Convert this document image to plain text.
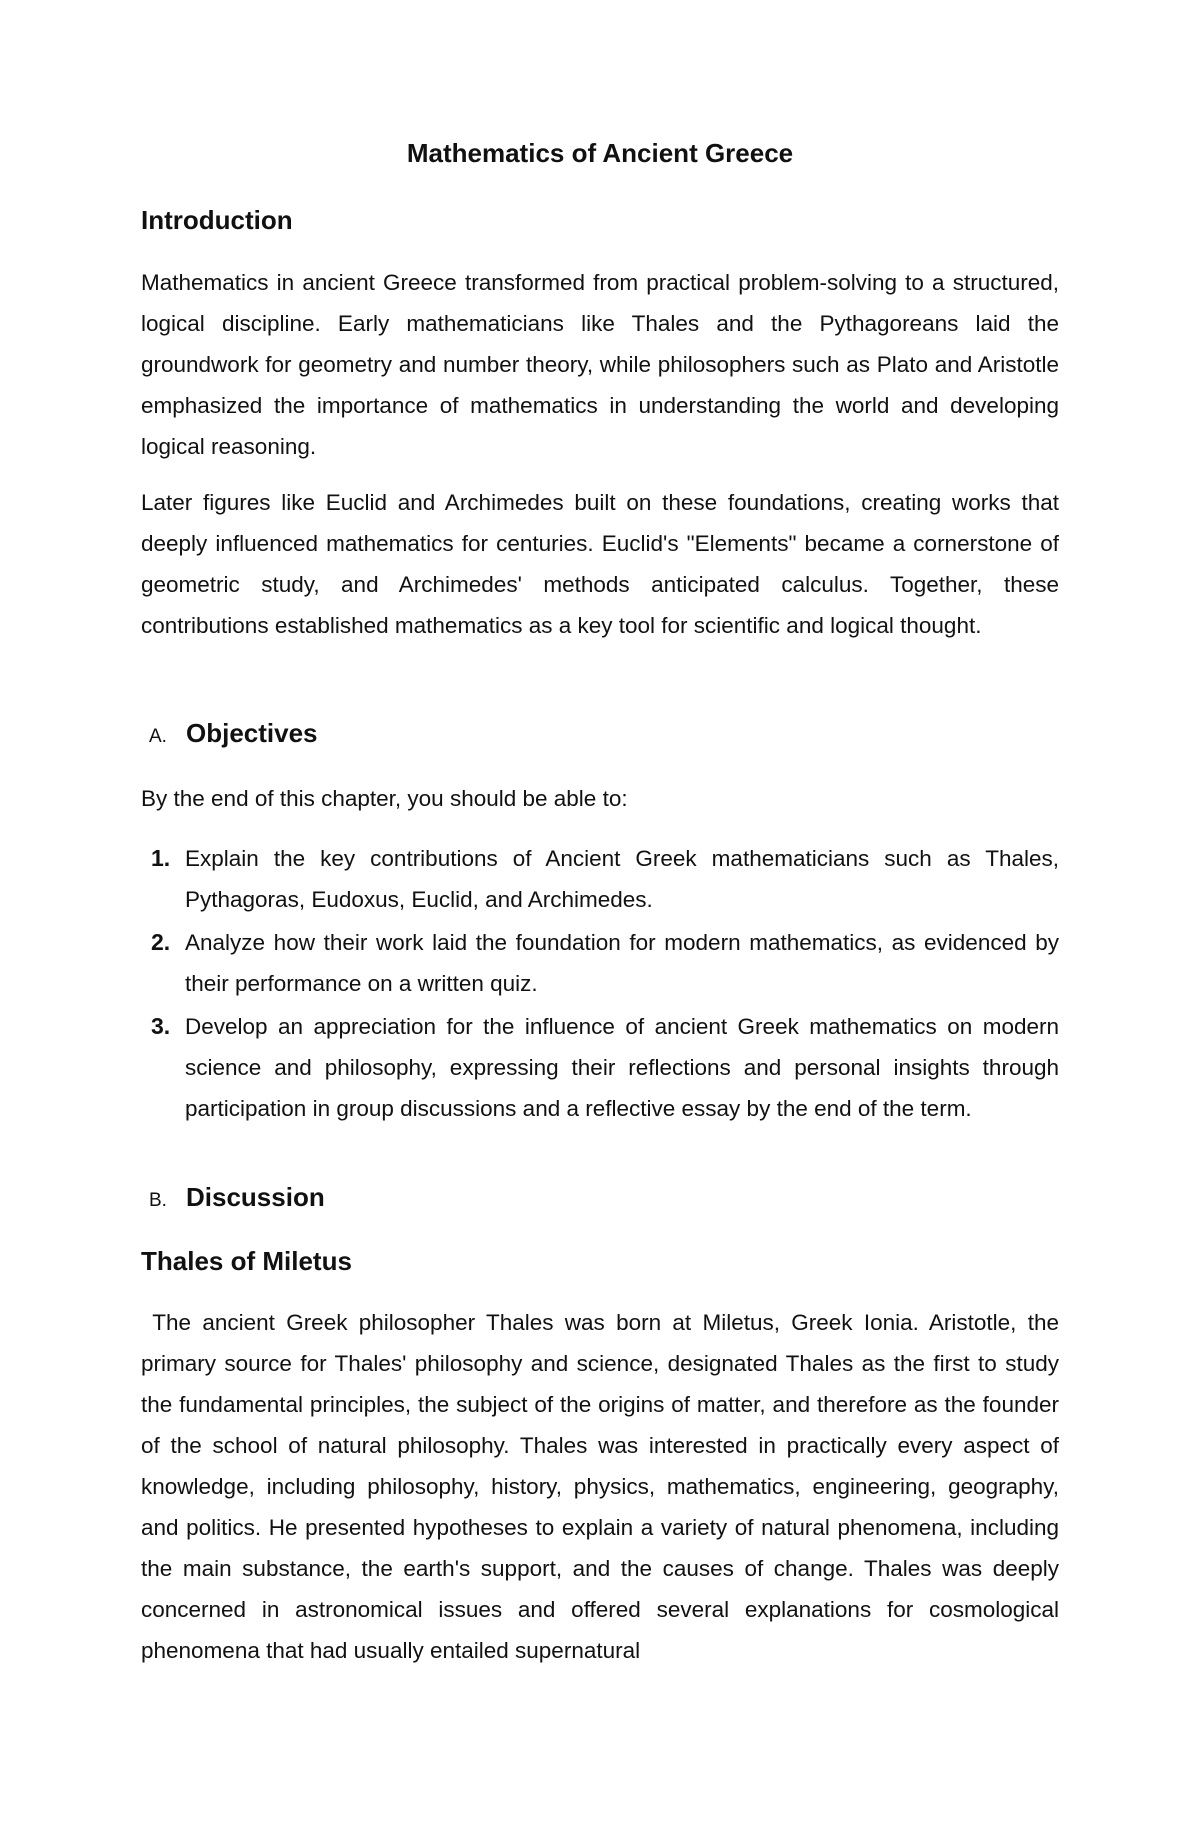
Mathematics of Ancient Greece
Introduction

Mathematics in ancient Greece transformed from practical problem-solving to a structured, logical discipline. Early mathematicians like Thales and the Pythagoreans laid the groundwork for geometry and number theory, while philosophers such as Plato and Aristotle emphasized the importance of mathematics in understanding the world and developing logical reasoning.

Later figures like Euclid and Archimedes built on these foundations, creating works that deeply influenced mathematics for centuries. Euclid's "Elements" became a cornerstone of geometric study, and Archimedes' methods anticipated calculus. Together, these contributions established mathematics as a key tool for scientific and logical thought.

A. Objectives

By the end of this chapter, you should be able to:

1. Explain the key contributions of Ancient Greek mathematicians such as Thales, Pythagoras, Eudoxus, Euclid, and Archimedes.
2. Analyze how their work laid the foundation for modern mathematics, as evidenced by their performance on a written quiz.
3. Develop an appreciation for the influence of ancient Greek mathematics on modern science and philosophy, expressing their reflections and personal insights through participation in group discussions and a reflective essay by the end of the term.
B. Discussion
Thales of Miletus

The ancient Greek philosopher Thales was born at Miletus, Greek Ionia. Aristotle, the primary source for Thales' philosophy and science, designated Thales as the first to study the fundamental principles, the subject of the origins of matter, and therefore as the founder of the school of natural philosophy. Thales was interested in practically every aspect of knowledge, including philosophy, history, physics, mathematics, engineering, geography, and politics. He presented hypotheses to explain a variety of natural phenomena, including the main substance, the earth's support, and the causes of change. Thales was deeply concerned in astronomical issues and offered several explanations for cosmological phenomena that had usually entailed supernatural
